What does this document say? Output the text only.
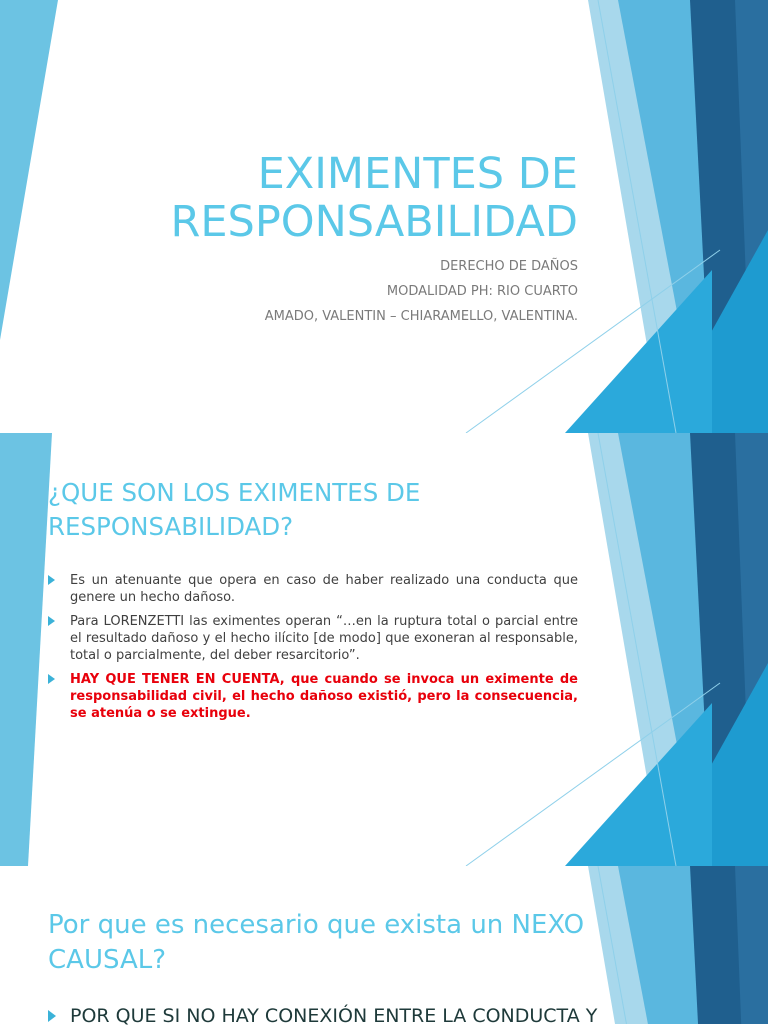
EXIMENTES DE
RESPONSABILIDAD

DERECHO DE DAÑOS

MODALIDAD PH: RIO CUARTO

AMADO, VALENTIN – CHIARAMELLO, VALENTINA.

¿QUE SON LOS EXIMENTES DE RESPONSABILIDAD?
Es un atenuante que opera en caso de haber realizado una conducta que genere un hecho dañoso.
Para LORENZETTI las eximentes operan “…en la ruptura total o parcial entre el resultado dañoso y el hecho ilícito [de modo] que exoneran al responsable, total o parcialmente, del deber resarcitorio”.
HAY QUE TENER EN CUENTA, que cuando se invoca un eximente de responsabilidad civil, el hecho dañoso existió, pero la consecuencia, se atenúa o se extingue.
Por que es necesario que exista un NEXO CAUSAL?
POR QUE SI NO HAY CONEXIÓN ENTRE LA CONDUCTA Y
